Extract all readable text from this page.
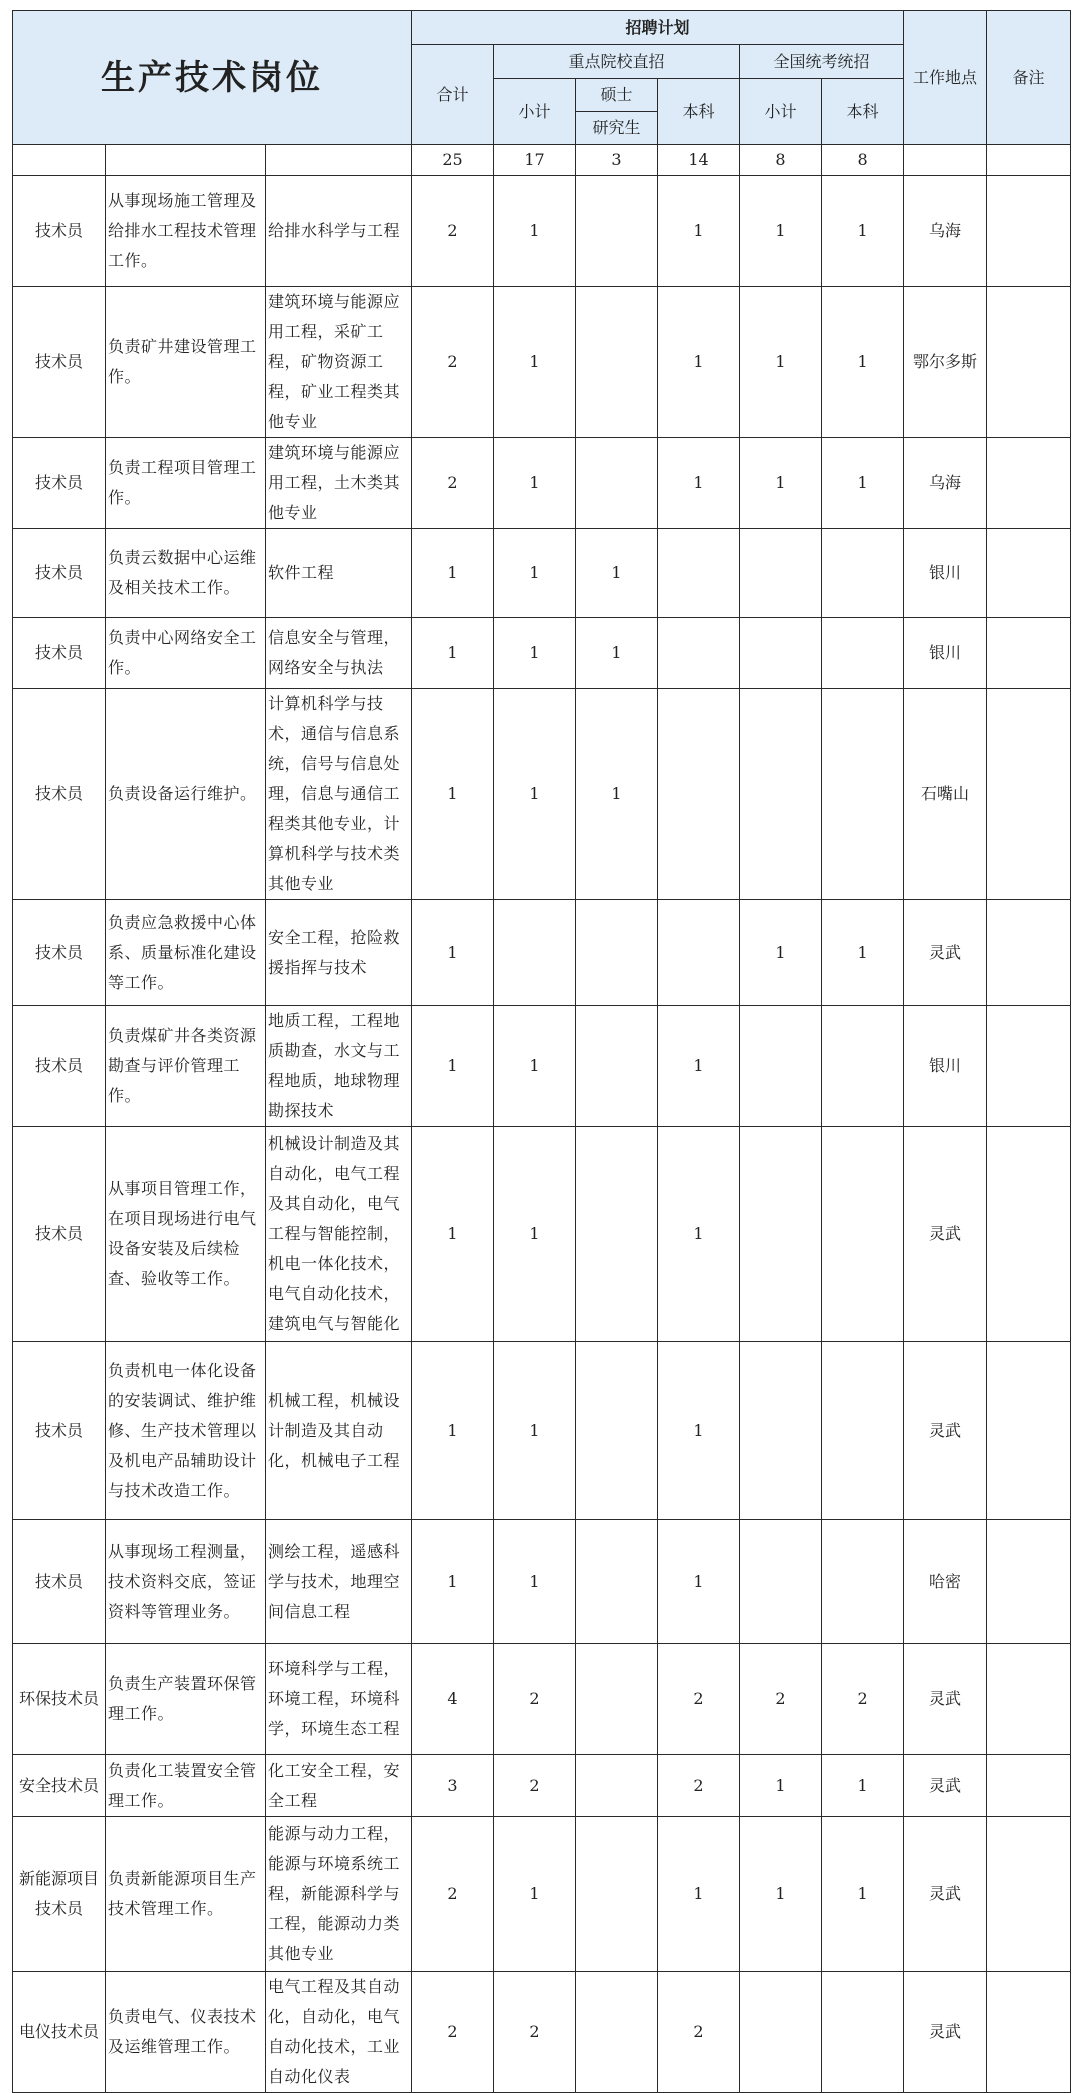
生产技术岗位			招聘计划						工作地点	备注
			合计	重点院校直招			全国统考统招			
				小计	硕士	本科	小计	本科		
					研究生					
			25	17	3	14	8	8		
技术员	从事现场施工管理及给排水工程技术管理工作。	给排水科学与工程	2	1		1	1	1	乌海	
技术员	负责矿井建设管理工作。	建筑环境与能源应用工程，采矿工程，矿物资源工程，矿业工程类其他专业	2	1		1	1	1	鄂尔多斯	
技术员	负责工程项目管理工作。	建筑环境与能源应用工程，土木类其他专业	2	1		1	1	1	乌海	
技术员	负责云数据中心运维及相关技术工作。	软件工程	1	1	1				银川	
技术员	负责中心网络安全工作。	信息安全与管理，网络安全与执法	1	1	1				银川	
技术员	负责设备运行维护。	计算机科学与技术，通信与信息系统，信号与信息处理，信息与通信工程类其他专业，计算机科学与技术类其他专业	1	1	1				石嘴山	
技术员	负责应急救援中心体系、质量标准化建设等工作。	安全工程，抢险救援指挥与技术	1				1	1	灵武	
技术员	负责煤矿井各类资源勘查与评价管理工作。	地质工程，工程地质勘查，水文与工程地质，地球物理勘探技术	1	1		1			银川	
技术员	从事项目管理工作，在项目现场进行电气设备安装及后续检查、验收等工作。	机械设计制造及其自动化，电气工程及其自动化，电气工程与智能控制，机电一体化技术，电气自动化技术，建筑电气与智能化	1	1		1			灵武	
技术员	负责机电一体化设备的安装调试、维护维修、生产技术管理以及机电产品辅助设计与技术改造工作。	机械工程，机械设计制造及其自动化，机械电子工程	1	1		1			灵武	
技术员	从事现场工程测量，技术资料交底，签证资料等管理业务。	测绘工程，遥感科学与技术，地理空间信息工程	1	1		1			哈密	
环保技术员	负责生产装置环保管理工作。	环境科学与工程，环境工程，环境科学，环境生态工程	4	2		2	2	2	灵武	
安全技术员	负责化工装置安全管理工作。	化工安全工程，安全工程	3	2		2	1	1	灵武	
新能源项目技术员	负责新能源项目生产技术管理工作。	能源与动力工程，能源与环境系统工程，新能源科学与工程，能源动力类其他专业	2	1		1	1	1	灵武	
电仪技术员	负责电气、仪表技术及运维管理工作。	电气工程及其自动化，自动化，电气自动化技术，工业自动化仪表	2	2		2			灵武	
